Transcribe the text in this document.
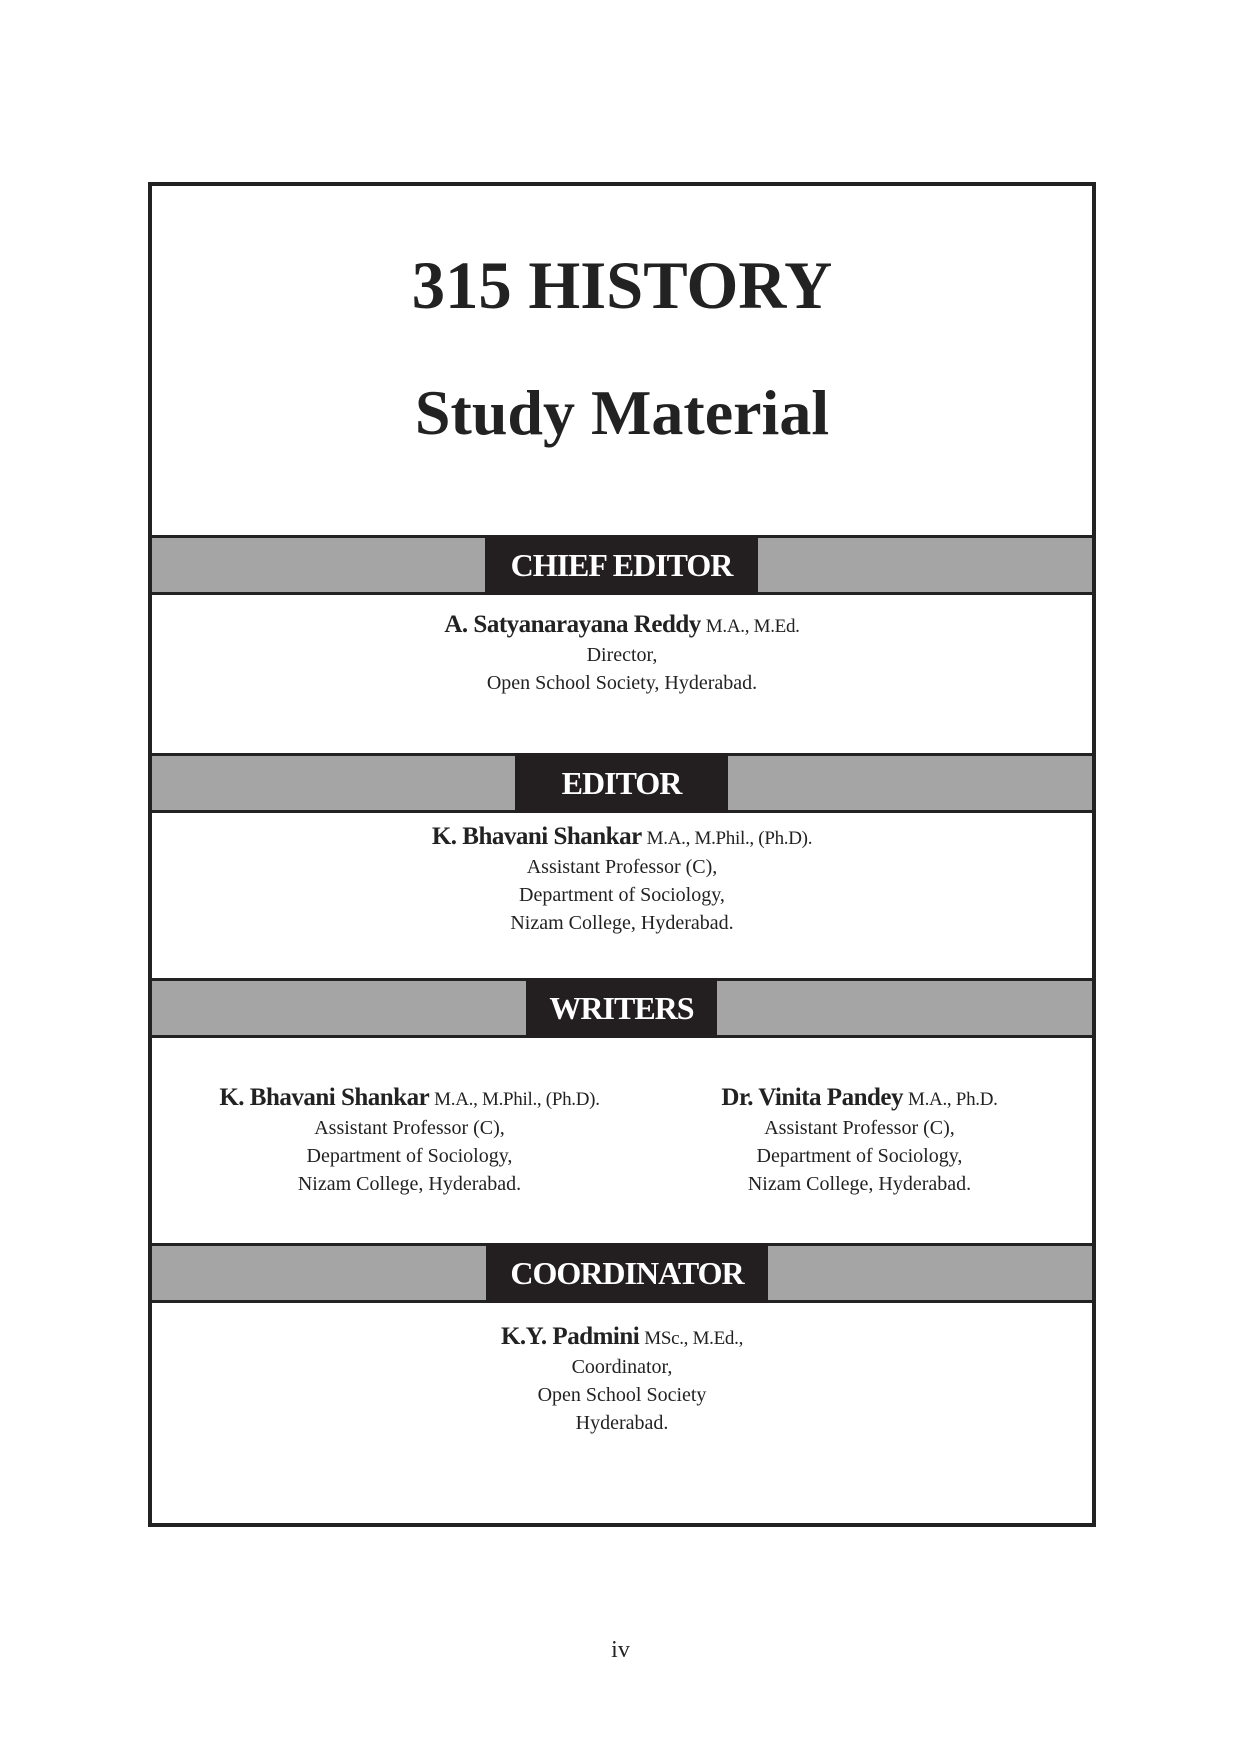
315 HISTORY
Study Material
CHIEF EDITOR
A. Satyanarayana Reddy M.A., M.Ed.
Director,
Open School Society, Hyderabad.
EDITOR
K. Bhavani Shankar M.A., M.Phil., (Ph.D).
Assistant Professor (C),
Department of Sociology,
Nizam College, Hyderabad.
WRITERS
K. Bhavani Shankar M.A., M.Phil., (Ph.D).
Assistant Professor (C),
Department of Sociology,
Nizam College, Hyderabad.
Dr. Vinita Pandey M.A., Ph.D.
Assistant Professor (C),
Department of Sociology,
Nizam College, Hyderabad.
COORDINATOR
K.Y. Padmini MSc., M.Ed.,
Coordinator,
Open School Society
Hyderabad.
iv
